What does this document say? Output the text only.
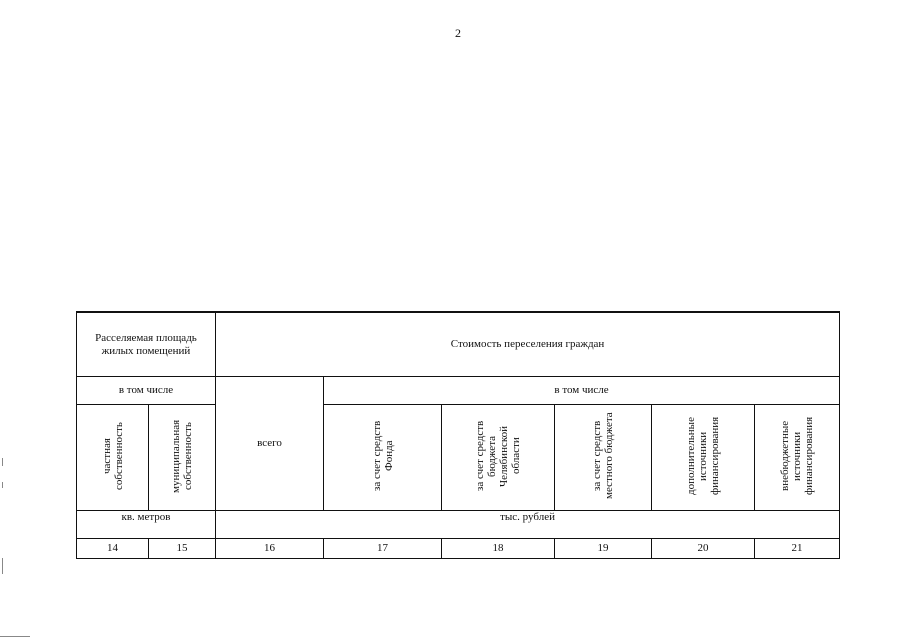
2
Расселяемая площадь жилых помещений		Стоимость переселения граждан					
в том числе		всего	в том числе				
частная собственность	муниципальная собственность		за счет средств Фонда	за счет средств бюджета Челябинской области	за счет средств местного бюджета	дополнительные источники финансирования	внебюджетные источники финансирования
кв. метров		тыс. рублей					
14	15	16	17	18	19	20	21
